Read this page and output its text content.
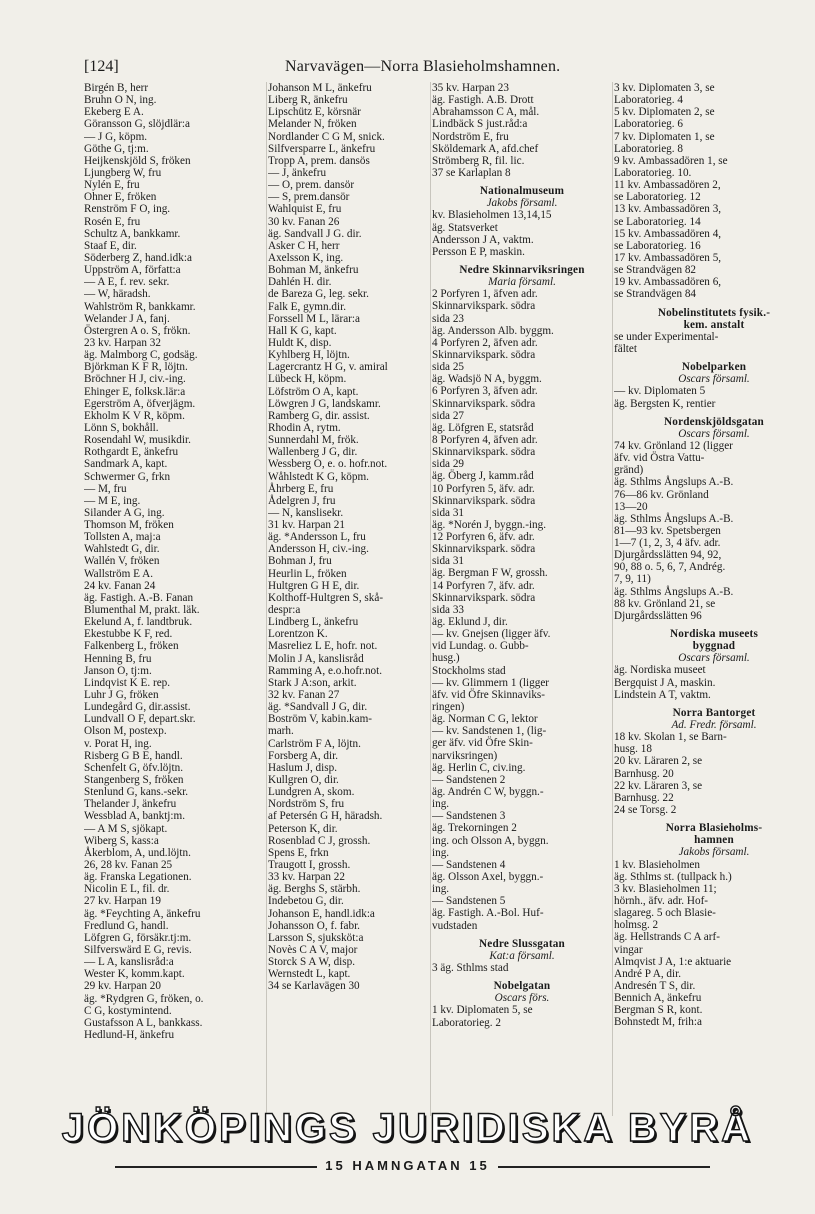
[124]	Narvavägen—Norra Blasieholmshamnen.
Birgén B, herr
Bruhn O N, ing.
Ekeberg E A.
Göransson G, slöjdlär:a
— J G, köpm.
Göthe G, tj:m.
Heijkenskjöld S, fröken
Ljungberg W, fru
Nylén E, fru
Ohner E, fröken
Renström F O, ing.
Rosén E, fru
Schultz A, bankkamr.
Staaf E, dir.
Söderberg Z, hand.idk:a
Uppström A, författ:a
— A E, f. rev. sekr.
— W, häradsh.
Wahlström R, bankkamr.
Welander J A, fanj.
Östergren A o. S, frökn.
23 kv. Harpan 32
äg. Malmborg C, godsäg.
Björkman K F R, löjtn.
Bröchner H J, civ.-ing.
Ehinger E, folksk.lär:a
Egerström A, öfverjägm.
Ekholm K V R, köpm.
Lönn S, bokhåll.
Rosendahl W, musikdir.
Rothgardt E, änkefru
Sandmark A, kapt.
Schwermer G, frkn
— M, fru
— M E, ing.
Silander A G, ing.
Thomson M, fröken
Tollsten A, maj:a
Wahlstedt G, dir.
Wallén V, fröken
Wallström E A.
24 kv. Fanan 24
äg. Fastigh. A.-B. Fanan
Blumenthal M, prakt. läk.
Ekelund A, f. landtbruk.
Ekestubbe K F, red.
Falkenberg L, fröken
Henning B, fru
Janson O, tj:m.
Lindqvist K E. rep.
Luhr J G, fröken
Lundegård G, dir.assist.
Lundvall O F, depart.skr.
Olson M, postexp.
v. Porat H, ing.
Risberg G B E, handl.
Schenfelt G, öfv.löjtn.
Stangenberg S, fröken
Stenlund G, kans.-sekr.
Thelander J, änkefru
Wessblad A, banktj:m.
— A M S, sjökapt.
Wiberg S, kass:a
Åkerblom, A, und.löjtn.
26, 28 kv. Fanan 25
äg. Franska Legationen.
Nicolin E L, fil. dr.
27 kv. Harpan 19
äg. *Feychting A, änkefru
Fredlund G, handl.
Löfgren G, försäkr.tj:m.
Silfverswärd E G, revis.
— L A, kanslisråd:a
Wester K, komm.kapt.
29 kv. Harpan 20
äg. *Rydgren G, fröken, o.
C G, kostymintend.
Gustafsson A L, bankkass.
Hedlund-H, änkefru
Johanson M L, änkefru
Liberg R, änkefru
Lipschütz E, körsnär
Melander N, fröken
Nordlander C G M, snick.
Silfversparre L, änkefru
Tropp A, prem. dansös
— J, änkefru
— O, prem. dansör
— S, prem.dansör
Wahlquist E, fru
30 kv. Fanan 26
äg. Sandvall J G. dir.
Asker C H, herr
Axelsson K, ing.
Bohman M, änkefru
Dahlén H. dir.
de Bareza G, leg. sekr.
Falk E, gymn.dir.
Forssell M L, lärar:a
Hall K G, kapt.
Huldt K, disp.
Kyhlberg H, löjtn.
Lagercrantz H G, v. amiral
Lübeck H, köpm.
Löfström O A, kapt.
Löwgren J G, landskamr.
Ramberg G, dir. assist.
Rhodin A, rytm.
Sunnerdahl M, frök.
Wallenberg J G, dir.
Wessberg O, e. o. hofr.not.
Wåhlstedt K G, köpm.
Åhrberg E, fru
Ådelgren J, fru
— N, kanslisekr.
31 kv. Harpan 21
äg. *Andersson L, fru
Andersson H, civ.-ing.
Bohman J, fru
Heurlin L, fröken
Hultgren G H E, dir.
Kolthoff-Hultgren S, skå-
despr:a
Lindberg L, änkefru
Lorentzon K.
Masreliez L E, hofr. not.
Molin J A, kanslisråd
Ramming A, e.o.hofr.not.
Stark J A:son, arkit.
32 kv. Fanan 27
äg. *Sandvall J G, dir.
Boström V, kabin.kam-
marh.
Carlström F A, löjtn.
Forsberg A, dir.
Haslum J, disp.
Kullgren O, dir.
Lundgren A, skom.
Nordström S, fru
af Petersén G H, häradsh.
Peterson K, dir.
Rosenblad C J, grossh.
Spens E, frkn
Traugott I, grossh.
33 kv. Harpan 22
äg. Berghs S, stärbh.
Indebetou G, dir.
Johanson E, handl.idk:a
Johansson O, f. fabr.
Larsson S, sjuksköt:a
Novès C A V, major
Storck S A W, disp.
Wernstedt L, kapt.
34 se Karlavägen 30
35 kv. Harpan 23
äg. Fastigh. A.B. Drott
Abrahamsson C A, mål.
Lindbäck S just.råd:a
Nordström E, fru
Sköldemark A, afd.chef
Strömberg R, fil. lic.
37 se Karlaplan 8
Nationalmuseum
Jakobs församl.
kv. Blasieholmen 13,14,15
äg. Statsverket
Andersson J A, vaktm.
Persson E P, maskin.
Nedre Skinnarviksringen
Maria församl.
2 Porfyren 1, äfven adr.
Skinnarvikspark. södra
sida 23
äg. Andersson Alb. byggm.
4 Porfyren 2, äfven adr.
Skinnarvikspark. södra
sida 25
äg. Wadsjö N A, byggm.
6 Porfyren 3, äfven adr.
Skinnarvikspark. södra
sida 27
äg. Löfgren E, statsråd
8 Porfyren 4, äfven adr.
Skinnarvikspark. södra
sida 29
äg. Öberg J, kamm.råd
10 Porfyren 5, äfv. adr.
Skinnarvikspark. södra
sida 31
äg. *Norén J, byggn.-ing.
12 Porfyren 6, äfv. adr.
Skinnarvikspark. södra
sida 31
äg. Bergman F W, grossh.
14 Porfyren 7, äfv. adr.
Skinnarvikspark. södra
sida 33
äg. Eklund J, dir.
— kv. Gnejsen (ligger äfv.
vid Lundag. o. Gubb-
husg.)
Stockholms stad
— kv. Glimmern 1 (ligger
äfv. vid Öfre Skinnaviks-
ringen)
äg. Norman C G, lektor
— kv. Sandstenen 1, (lig-
ger äfv. vid Öfre Skin-
narviksringen)
äg. Herlin C, civ.ing.
— Sandstenen 2
äg. Andrén C W, byggn.-
ing.
— Sandstenen 3
äg. Trekorningen 2
ing. och Olsson A, byggn.
ing.
— Sandstenen 4
äg. Olsson Axel, byggn.-
ing.
— Sandstenen 5
äg. Fastigh. A.-Bol. Huf-
vudstaden
Nedre Slussgatan
Kat:a församl.
3 äg. Sthlms stad
Nobelgatan
Oscars förs.
1 kv. Diplomaten 5, se
Laboratorieg. 2
3 kv. Diplomaten 3, se
Laboratorieg. 4
5 kv. Diplomaten 2, se
Laboratorieg. 6
7 kv. Diplomaten 1, se
Laboratorieg. 8
9 kv. Ambassadören 1, se
Laboratorieg. 10.
11 kv. Ambassadören 2,
se Laboratorieg. 12
13 kv. Ambassadören 3,
se Laboratorieg. 14
15 kv. Ambassadören 4,
se Laboratorieg. 16
17 kv. Ambassadören 5,
se Strandvägen 82
19 kv. Ambassadören 6,
se Strandvägen 84
Nobelinstitutets fysik.-
kem. anstalt
se under Experimental-
fältet
Nobelparken
Oscars församl.
— kv. Diplomaten 5
äg. Bergsten K, rentier
Nordenskjöldsgatan
Oscars församl.
74 kv. Grönland 12 (ligger
äfv. vid Östra Vattu-
gränd)
äg. Sthlms Ångslups A.-B.
76—86 kv. Grönland
13—20
äg. Sthlms Ångslups A.-B.
81—93 kv. Spetsbergen
1—7 (1, 2, 3, 4 äfv. adr.
Djurgårdsslätten 94, 92,
90, 88 o. 5, 6, 7, Andrég.
7, 9, 11)
äg. Sthlms Ångslups A.-B.
88 kv. Grönland 21, se
Djurgårdsslätten 96
Nordiska museets
byggnad
Oscars församl.
äg. Nordiska museet
Bergquist J A, maskin.
Lindstein A T, vaktm.
Norra Bantorget
Ad. Fredr. församl.
18 kv. Skolan 1, se Barn-
husg. 18
20 kv. Läraren 2, se
Barnhusg. 20
22 kv. Läraren 3, se
Barnhusg. 22
24 se Torsg. 2
Norra Blasieholms-
hamnen
Jakobs församl.
1 kv. Blasieholmen
äg. Sthlms st. (tullpack h.)
3 kv. Blasieholmen 11;
hörnh., äfv. adr. Hof-
slagareg. 5 och Blasie-
holmsg. 2
äg. Hellstrands C A arf-
vingar
Almqvist J A, 1:e aktuarie
André P A, dir.
Andresén T S, dir.
Bennich A, änkefru
Bergman S R, kont.
Bohnstedt M, frih:a
JÖNKÖPINGS JURIDISKA BYRÅ
15 HAMNGATAN 15
